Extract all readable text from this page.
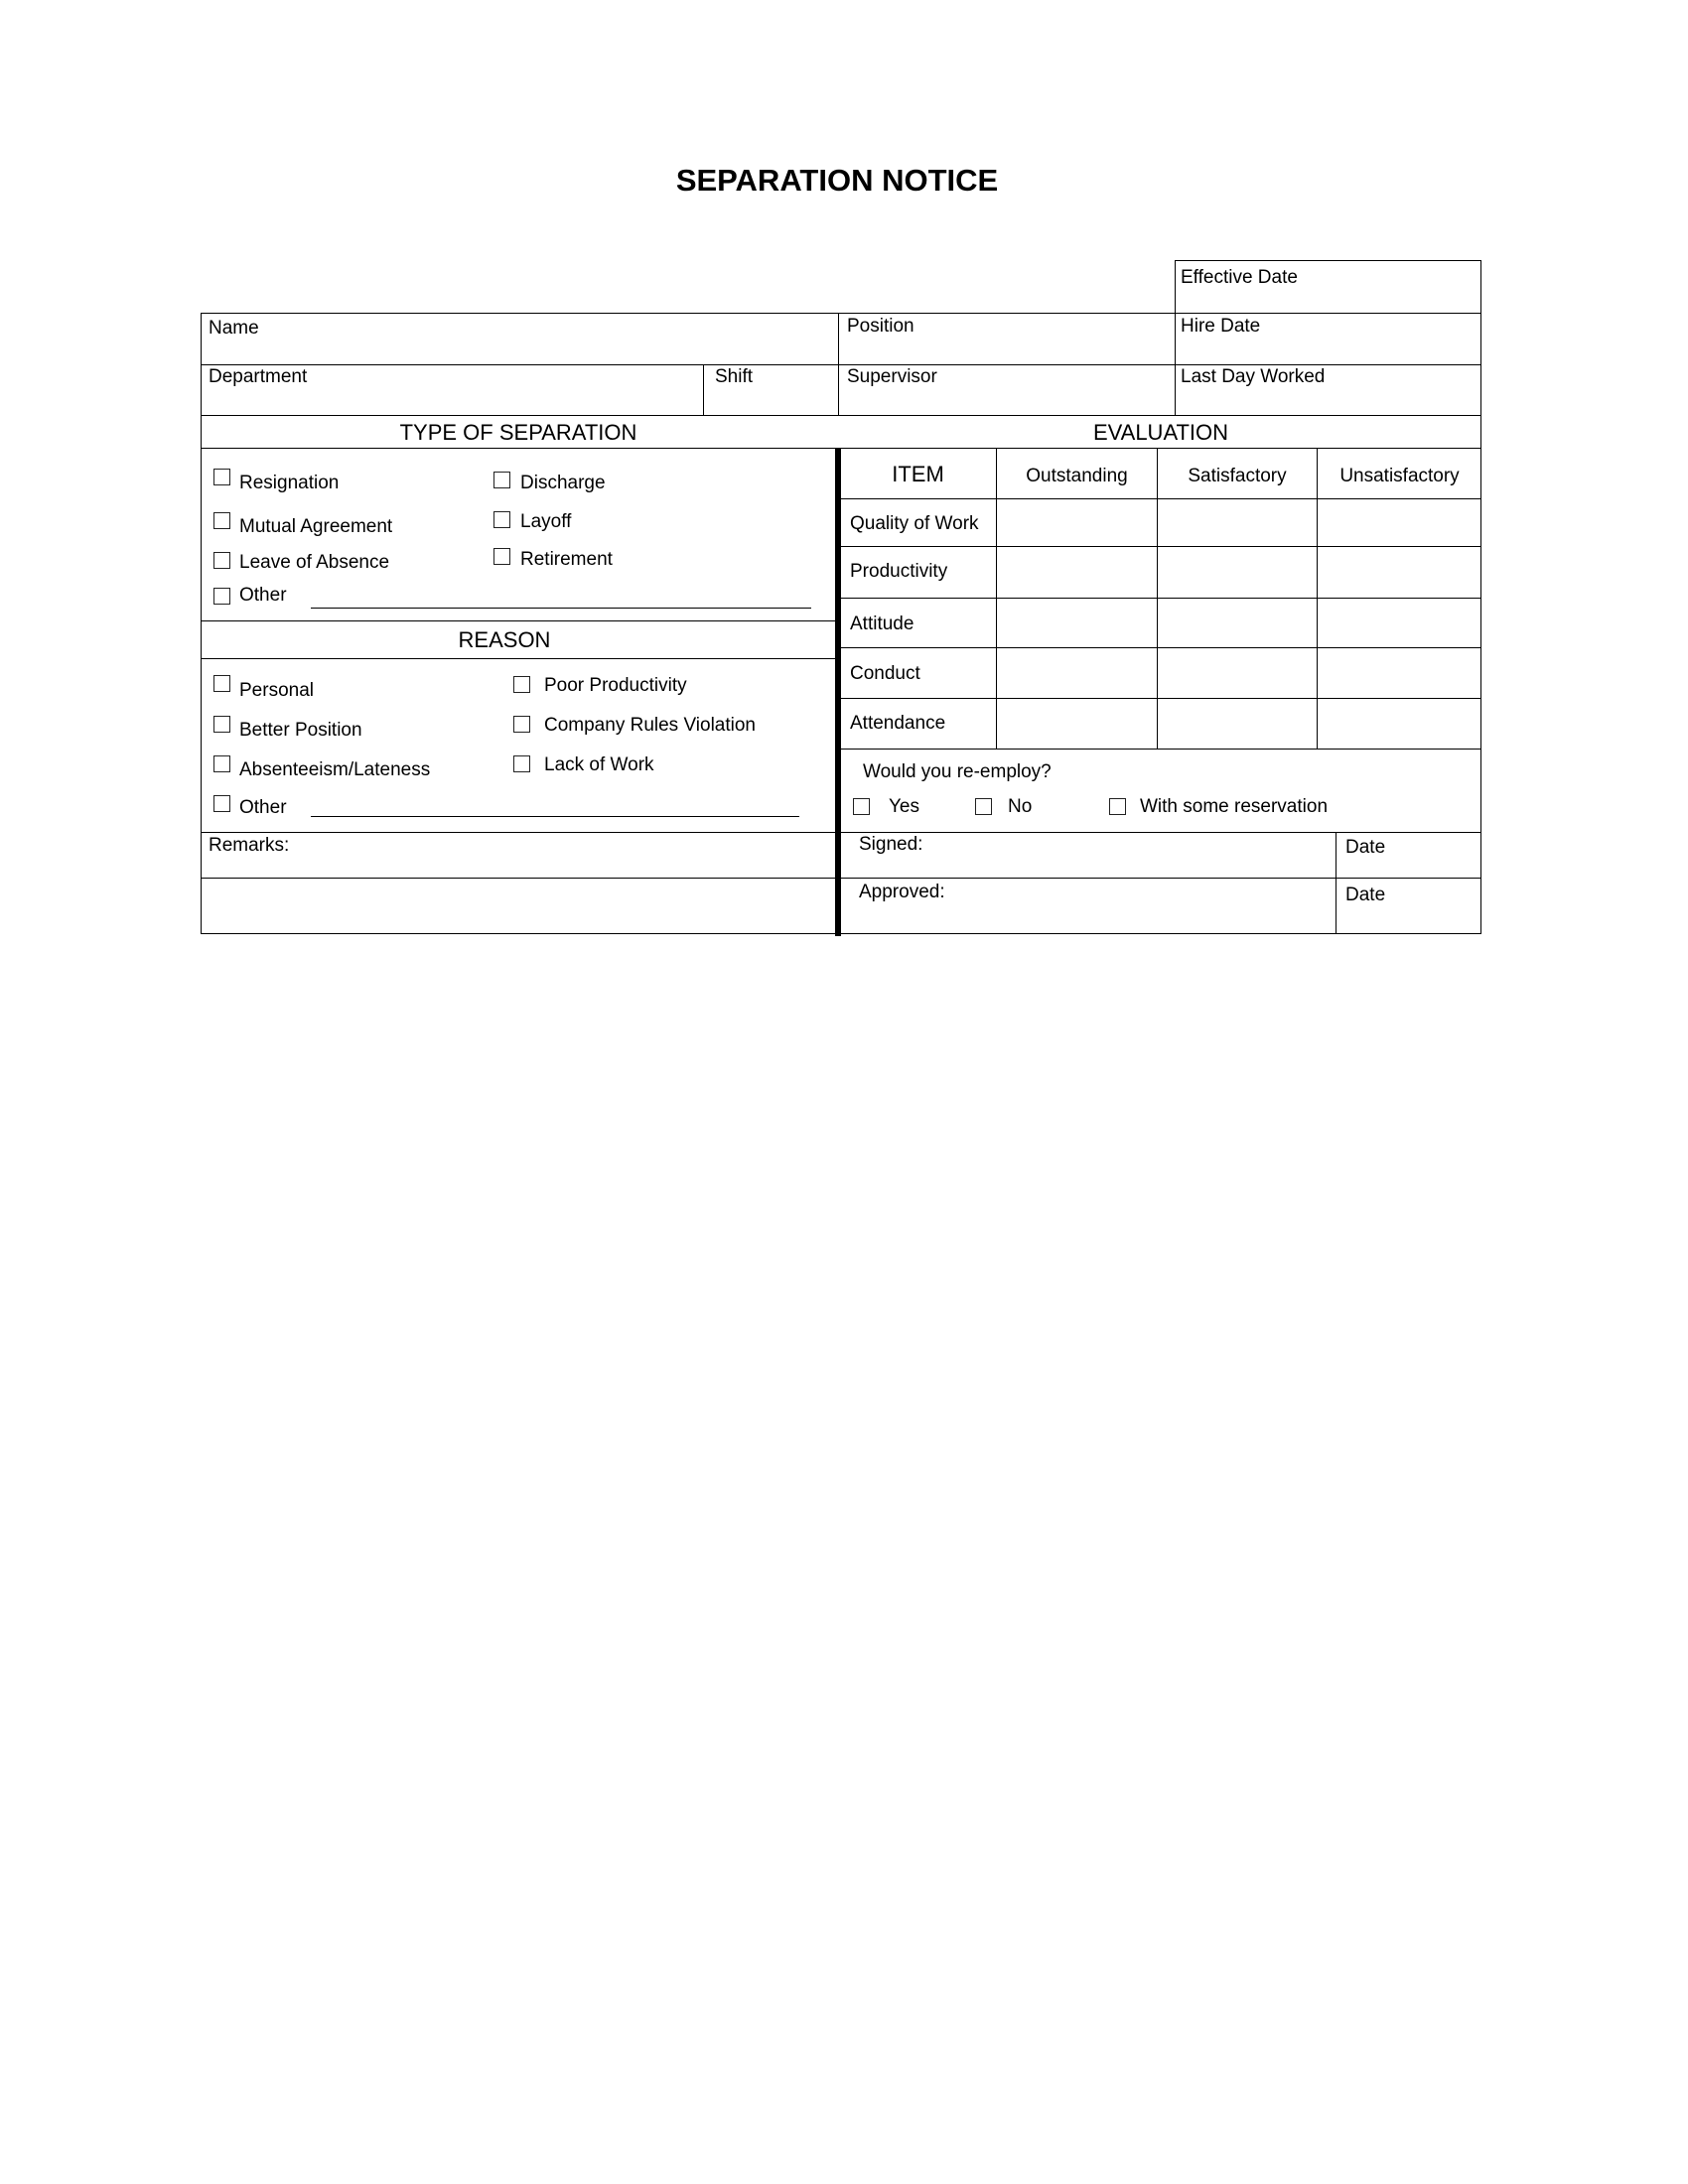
SEPARATION NOTICE
Effective Date
Name	Position	Hire Date
Department	Shift	Supervisor	Last Day Worked
TYPE OF SEPARATION
Resignation
Mutual Agreement
Leave of Absence
Other
Discharge
Layoff
Retirement
REASON
Personal
Better Position
Absenteeism/Lateness
Other
Poor Productivity
Company Rules Violation
Lack of Work
Remarks:
EVALUATION
ITEM	Outstanding	Satisfactory	Unsatisfactory
Quality of Work
Productivity
Attitude
Conduct
Attendance
Would you re-employ?
Yes	No	With some reservation
Signed:	Date
Approved:	Date
